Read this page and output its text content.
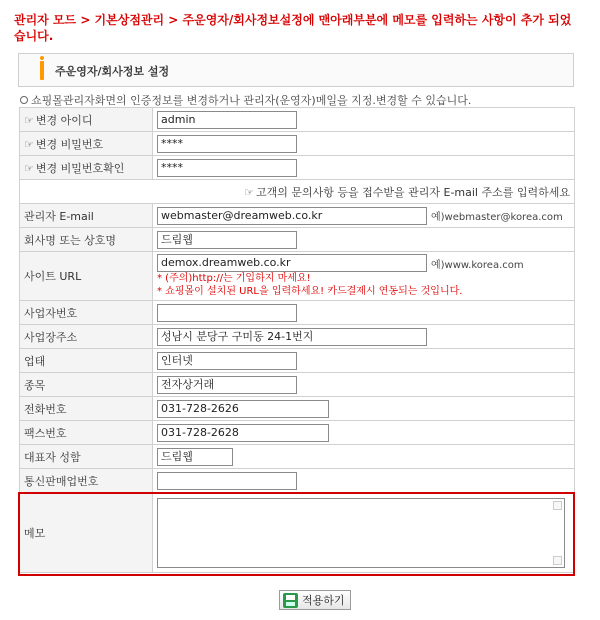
관리자 모드 > 기본상점관리 > 주운영자/회사정보설정에 맨아래부분에 메모를 입력하는 사항이 추가 되었습니다.
주운영자/회사정보 설정
쇼핑몰관리자화면의 인증정보를 변경하거나 관리자(운영자)메일을 지정.변경할 수 있습니다.
☞ 변경 아이디	admin
☞ 변경 비밀번호	****
☞ 변경 비밀번호확인	****
☞ 고객의 문의사항 등을 접수받을 관리자 E-mail 주소를 입력하세요	
관리자 E-mail	webmaster@dreamweb.co.kr 예)webmaster@korea.com
회사명 또는 상호명	드림웹
사이트 URL	demox.dreamweb.co.kr 예)www.korea.com
* (주의)http://는 기입하지 마세요!
* 쇼핑몰이 설치된 URL을 입력하세요! 카드결제시 연동되는 것입니다.

사업자번호	
사업장주소	성남시 분당구 구미동 24-1번지
업태	인터넷
종목	전자상거래
전화번호	031-728-2626
팩스번호	031-728-2628
대표자 성함	드림웹
통신판매업번호	
메모	
적용하기
